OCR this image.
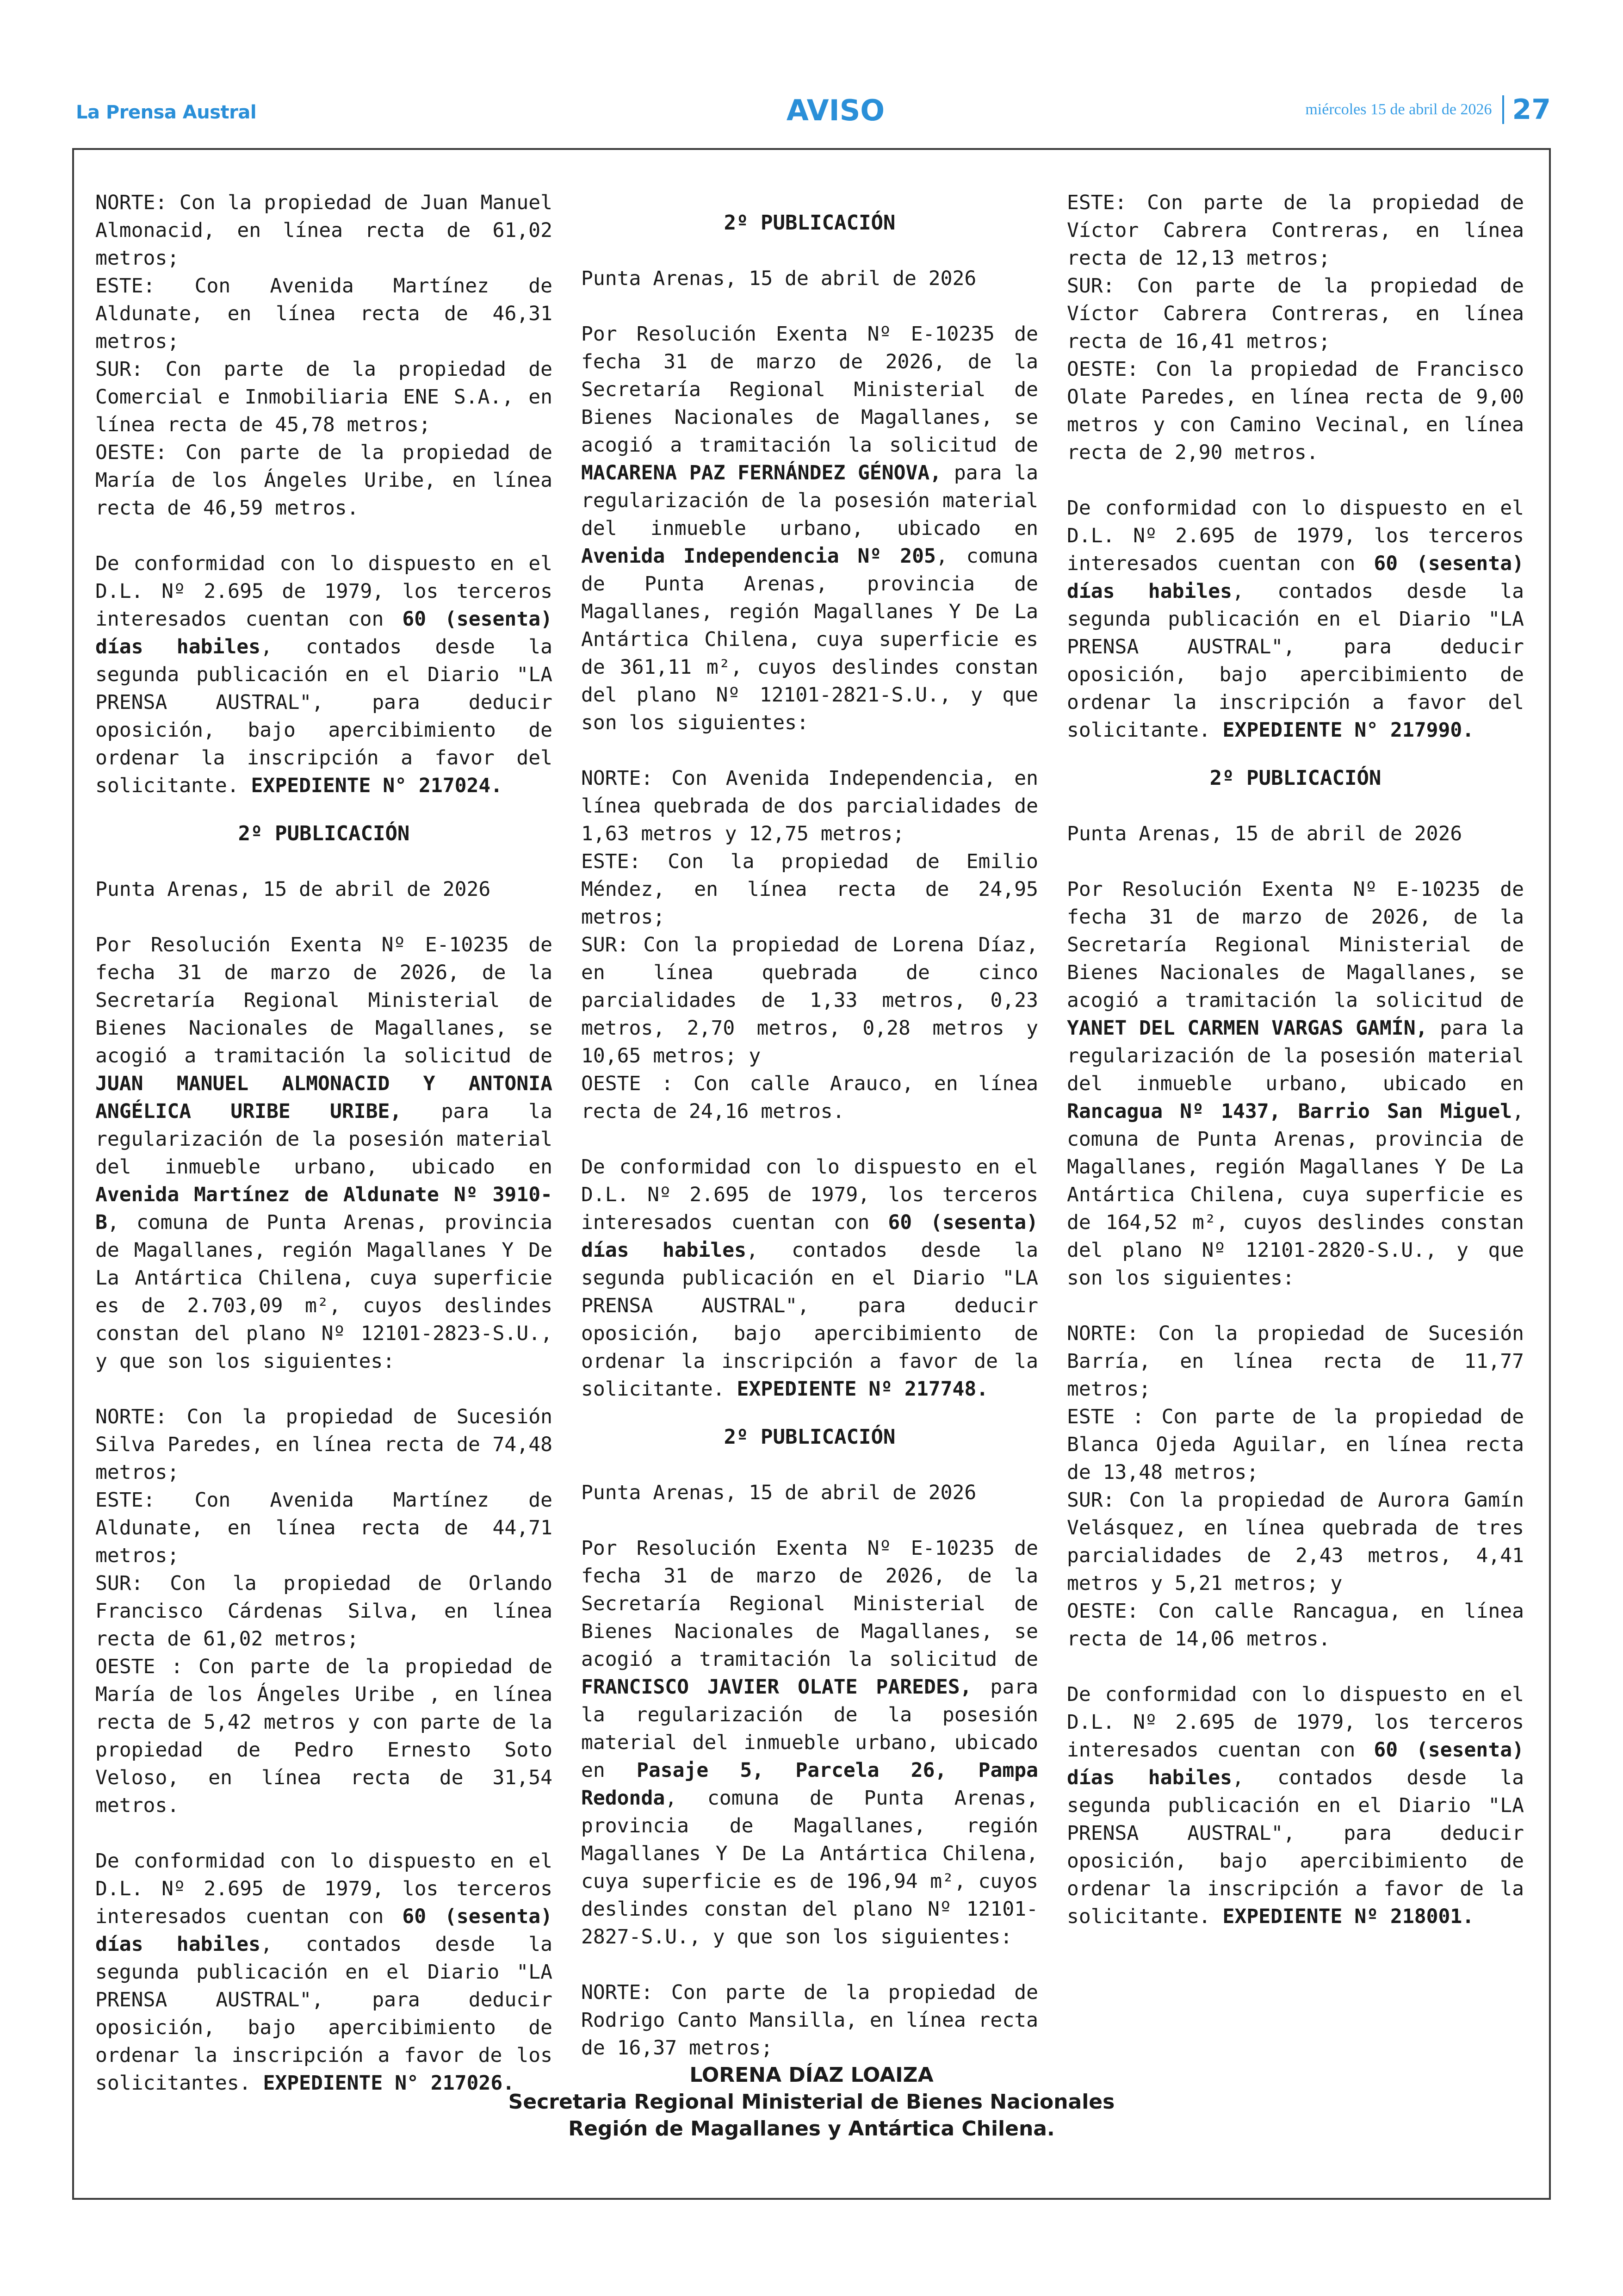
La Prensa Austral	AVISO	miércoles 15 de abril de 2026 27

NORTE: Con la propiedad de Juan Manuel Almonacid, en línea recta de 61,02 metros;

ESTE: Con Avenida Martínez de Aldunate, en línea recta de 46,31 metros;

SUR: Con parte de la propiedad de Comercial e Inmobiliaria ENE S.A., en línea recta de 45,78 metros;

OESTE: Con parte de la propiedad de María de los Ángeles Uribe, en línea recta de 46,59 metros.

De conformidad con lo dispuesto en el D.L. Nº 2.695 de 1979, los terceros interesados cuentan con 60 (sesenta) días habiles, contados desde la segunda publicación en el Diario "LA PRENSA AUSTRAL", para deducir oposición, bajo apercibimiento de ordenar la inscripción a favor del solicitante. EXPEDIENTE N° 217024.

2º PUBLICACIÓN

Punta Arenas, 15 de abril de 2026

Por Resolución Exenta Nº E-10235 de fecha 31 de marzo de 2026, de la Secretaría Regional Ministerial de Bienes Nacionales de Magallanes, se acogió a tramitación la solicitud de JUAN MANUEL ALMONACID Y ANTONIA ANGÉLICA URIBE URIBE, para la regularización de la posesión material del inmueble urbano, ubicado en Avenida Martínez de Aldunate Nº 3910-B, comuna de Punta Arenas, provincia de Magallanes, región Magallanes Y De La Antártica Chilena, cuya superficie es de 2.703,09 m², cuyos deslindes constan del plano Nº 12101-2823-S.U., y que son los siguientes:

NORTE: Con la propiedad de Sucesión Silva Paredes, en línea recta de 74,48 metros;

ESTE: Con Avenida Martínez de Aldunate, en línea recta de 44,71 metros;

SUR: Con la propiedad de Orlando Francisco Cárdenas Silva, en línea recta de 61,02 metros;

OESTE : Con parte de la propiedad de María de los Ángeles Uribe , en línea recta de 5,42 metros y con parte de la propiedad de Pedro Ernesto Soto Veloso, en línea recta de 31,54 metros.

De conformidad con lo dispuesto en el D.L. Nº 2.695 de 1979, los terceros interesados cuentan con 60 (sesenta) días habiles, contados desde la segunda publicación en el Diario "LA PRENSA AUSTRAL", para deducir oposición, bajo apercibimiento de ordenar la inscripción a favor de los solicitantes. EXPEDIENTE N° 217026.

2º PUBLICACIÓN

Punta Arenas, 15 de abril de 2026

Por Resolución Exenta Nº E-10235 de fecha 31 de marzo de 2026, de la Secretaría Regional Ministerial de Bienes Nacionales de Magallanes, se acogió a tramitación la solicitud de MACARENA PAZ FERNÁNDEZ GÉNOVA, para la regularización de la posesión material del inmueble urbano, ubicado en Avenida Independencia Nº 205, comuna de Punta Arenas, provincia de Magallanes, región Magallanes Y De La Antártica Chilena, cuya superficie es de 361,11 m², cuyos deslindes constan del plano Nº 12101-2821-S.U., y que son los siguientes:

NORTE: Con Avenida Independencia, en línea quebrada de dos parcialidades de 1,63 metros y 12,75 metros;

ESTE: Con la propiedad de Emilio Méndez, en línea recta de 24,95 metros;

SUR: Con la propiedad de Lorena Díaz, en línea quebrada de cinco parcialidades de 1,33 metros, 0,23 metros, 2,70 metros, 0,28 metros y 10,65 metros; y

OESTE : Con calle Arauco, en línea recta de 24,16 metros.

De conformidad con lo dispuesto en el D.L. Nº 2.695 de 1979, los terceros interesados cuentan con 60 (sesenta) días habiles, contados desde la segunda publicación en el Diario "LA PRENSA AUSTRAL", para deducir oposición, bajo apercibimiento de ordenar la inscripción a favor de la solicitante. EXPEDIENTE Nº 217748.

2º PUBLICACIÓN

Punta Arenas, 15 de abril de 2026

Por Resolución Exenta Nº E-10235 de fecha 31 de marzo de 2026, de la Secretaría Regional Ministerial de Bienes Nacionales de Magallanes, se acogió a tramitación la solicitud de FRANCISCO JAVIER OLATE PAREDES, para la regularización de la posesión material del inmueble urbano, ubicado en Pasaje 5, Parcela 26, Pampa Redonda, comuna de Punta Arenas, provincia de Magallanes, región Magallanes Y De La Antártica Chilena, cuya superficie es de 196,94 m², cuyos deslindes constan del plano Nº 12101-2827-S.U., y que son los siguientes:

NORTE: Con parte de la propiedad de Rodrigo Canto Mansilla, en línea recta de 16,37 metros;

ESTE: Con parte de la propiedad de Víctor Cabrera Contreras, en línea recta de 12,13 metros;

SUR: Con parte de la propiedad de Víctor Cabrera Contreras, en línea recta de 16,41 metros;

OESTE: Con la propiedad de Francisco Olate Paredes, en línea recta de 9,00 metros y con Camino Vecinal, en línea recta de 2,90 metros.

De conformidad con lo dispuesto en el D.L. Nº 2.695 de 1979, los terceros interesados cuentan con 60 (sesenta) días habiles, contados desde la segunda publicación en el Diario "LA PRENSA AUSTRAL", para deducir oposición, bajo apercibimiento de ordenar la inscripción a favor del solicitante. EXPEDIENTE N° 217990.

2º PUBLICACIÓN

Punta Arenas, 15 de abril de 2026

Por Resolución Exenta Nº E-10235 de fecha 31 de marzo de 2026, de la Secretaría Regional Ministerial de Bienes Nacionales de Magallanes, se acogió a tramitación la solicitud de YANET DEL CARMEN VARGAS GAMÍN, para la regularización de la posesión material del inmueble urbano, ubicado en Rancagua Nº 1437, Barrio San Miguel, comuna de Punta Arenas, provincia de Magallanes, región Magallanes Y De La Antártica Chilena, cuya superficie es de 164,52 m², cuyos deslindes constan del plano Nº 12101-2820-S.U., y que son los siguientes:

NORTE: Con la propiedad de Sucesión Barría, en línea recta de 11,77 metros;

ESTE : Con parte de la propiedad de Blanca Ojeda Aguilar, en línea recta de 13,48 metros;

SUR: Con la propiedad de Aurora Gamín Velásquez, en línea quebrada de tres parcialidades de 2,43 metros, 4,41 metros y 5,21 metros; y

OESTE: Con calle Rancagua, en línea recta de 14,06 metros.

De conformidad con lo dispuesto en el D.L. Nº 2.695 de 1979, los terceros interesados cuentan con 60 (sesenta) días habiles, contados desde la segunda publicación en el Diario "LA PRENSA AUSTRAL", para deducir oposición, bajo apercibimiento de ordenar la inscripción a favor de la solicitante. EXPEDIENTE Nº 218001.

LORENA DÍAZ LOAIZA
Secretaria Regional Ministerial de Bienes Nacionales
Región de Magallanes y Antártica Chilena.
